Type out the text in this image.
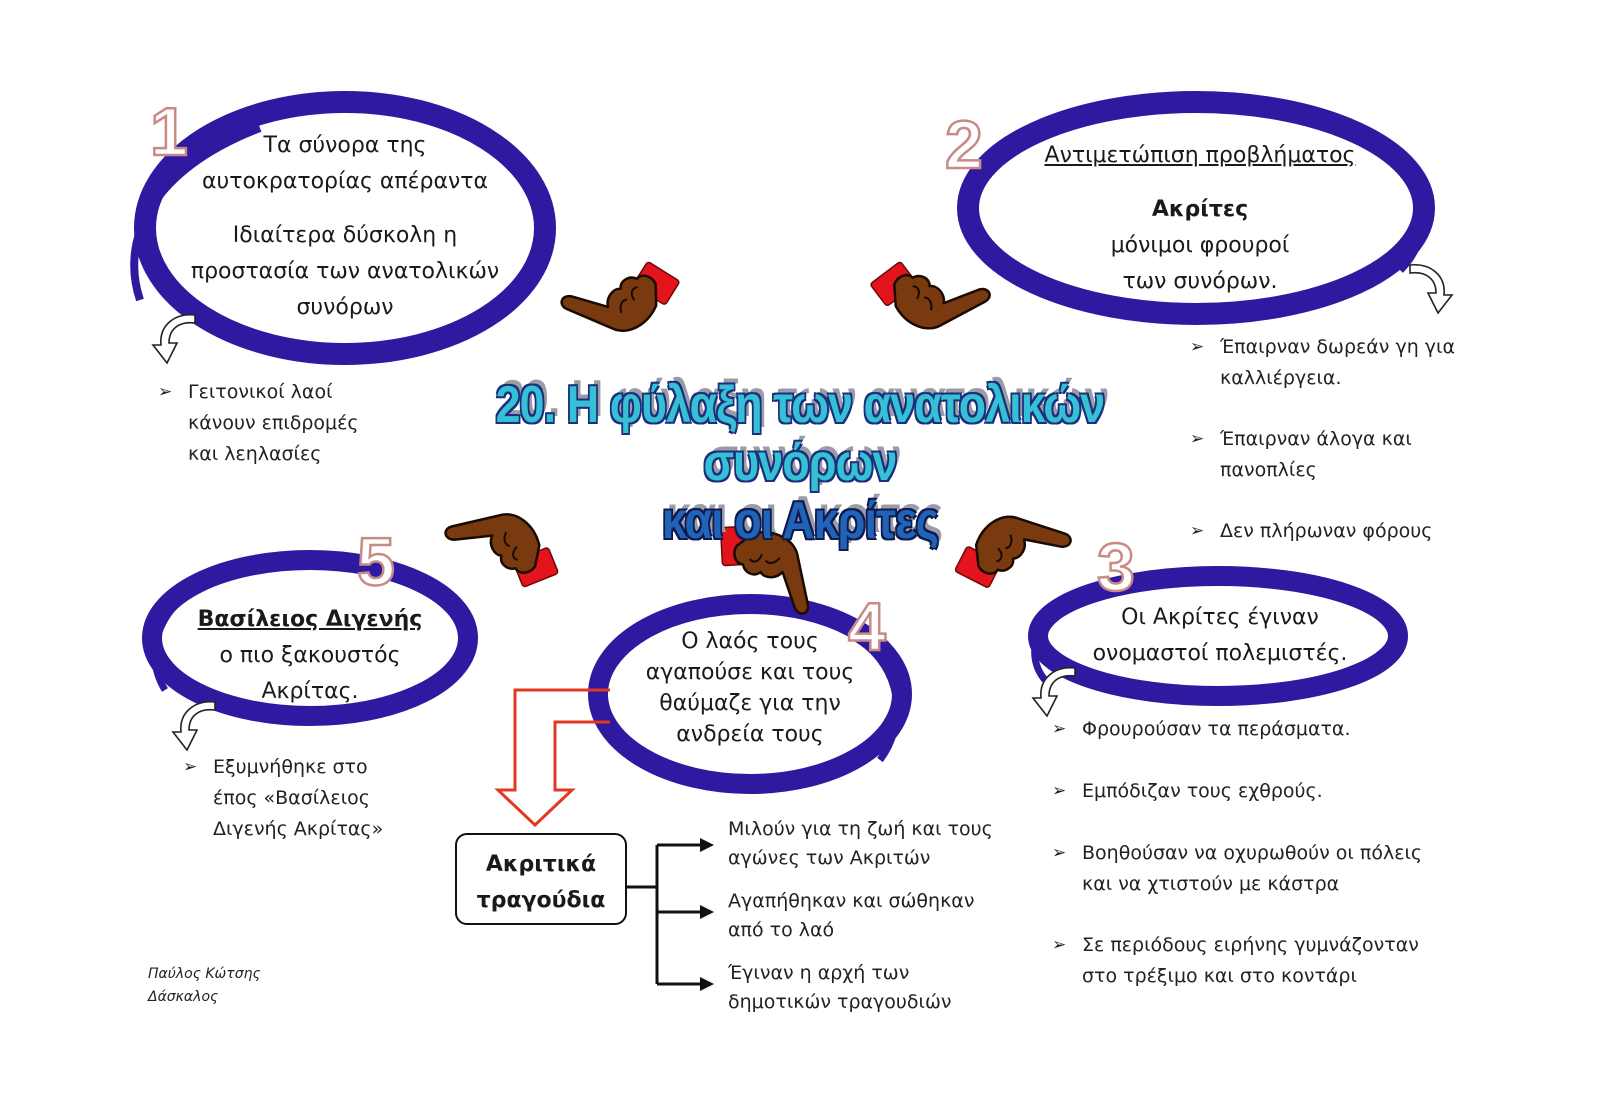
1	2
3
4
5
20. Η φύλαξη των ανατολικών συνόρων
και οι Ακρίτες

Τα σύνορα της αυτοκρατορίας απέραντα

Ιδιαίτερα δύσκολη η προστασία των ανατολικών συνόρων

➢ Γειτονικοί λαοί κάνουν επιδρομές και λεηλασίες

Αντιμετώπιση προβλήματος

Ακρίτες

μόνιμοι φρουροί των συνόρων.

➢ Έπαιρναν δωρεάν γη για καλλιέργεια.
➢ Έπαιρναν άλογα και πανοπλίες
➢ Δεν πλήρωναν φόρους

Οι Ακρίτες έγιναν ονομαστοί πολεμιστές.

➢ Φρουρούσαν τα περάσματα.
➢ Εμπόδιζαν τους εχθρούς.
➢ Βοηθούσαν να οχυρωθούν οι πόλεις και να χτιστούν με κάστρα
➢ Σε περιόδους ειρήνης γυμνάζονταν στο τρέξιμο και στο κοντάρι

Ο λαός τους αγαπούσε και τους θαύμαζε για την ανδρεία τους

Ακριτικά
τραγούδια
Μιλούν για τη ζωή και τους αγώνες των Ακριτών
Αγαπήθηκαν και σώθηκαν από το λαό
Έγιναν η αρχή των δημοτικών τραγουδιών

Βασίλειος Διγενής

ο πιο ξακουστός Ακρίτας.

➢ Εξυμνήθηκε στο έπος «Βασίλειος Διγενής Ακρίτας»
Παύλος Κώτσης
Δάσκαλος
